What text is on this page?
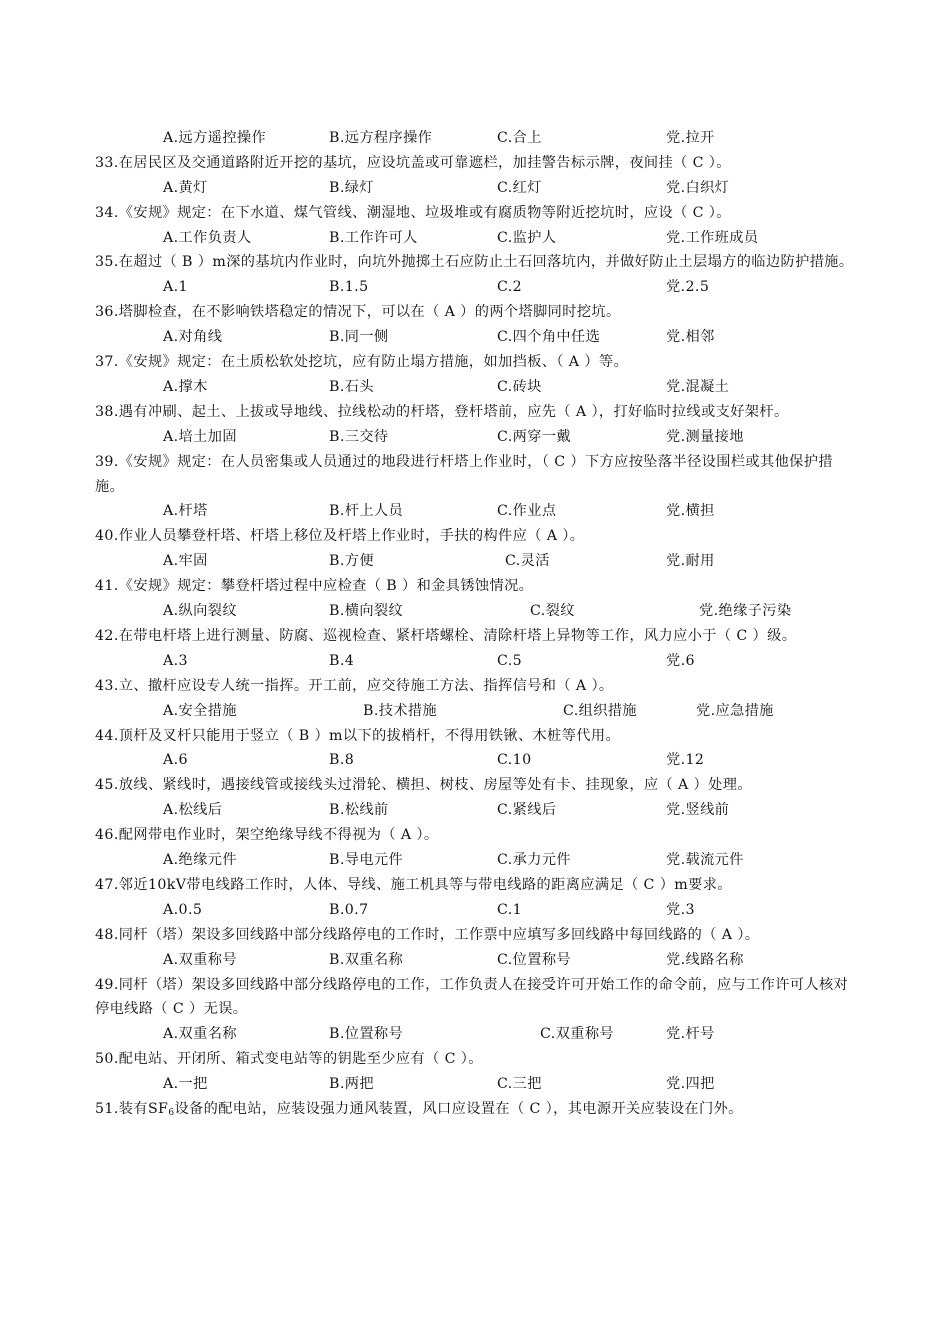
A.远方遥控操作	B.远方程序操作	C.合上	党.拉开
33.在居民区及交通道路附近开挖的基坑，应设坑盖或可靠遮栏，加挂警告标示牌，夜间挂（ C ）。
A.黄灯	B.绿灯	C.红灯	党.白织灯
34.《安规》规定：在下水道、煤气管线、潮湿地、垃圾堆或有腐质物等附近挖坑时，应设（ C ）。
A.工作负责人	B.工作许可人	C.监护人	党.工作班成员
35.在超过（ B ）m深的基坑内作业时，向坑外抛掷土石应防止土石回落坑内，并做好防止土层塌方的临边防护措施。
A.1	B.1.5	C.2	党.2.5
36.塔脚检查，在不影响铁塔稳定的情况下，可以在（ A ）的两个塔脚同时挖坑。
A.对角线	B.同一侧	C.四个角中任选	党.相邻
37.《安规》规定：在土质松软处挖坑，应有防止塌方措施，如加挡板、（ A ）等。
A.撑木	B.石头	C.砖块	党.混凝土
38.遇有冲刷、起土、上拔或导地线、拉线松动的杆塔，登杆塔前，应先（ A ），打好临时拉线或支好架杆。
A.培土加固	B.三交待	C.两穿一戴	党.测量接地
39.《安规》规定：在人员密集或人员通过的地段进行杆塔上作业时，（ C ）下方应按坠落半径设围栏或其他保护措施。
A.杆塔	B.杆上人员	C.作业点	党.横担
40.作业人员攀登杆塔、杆塔上移位及杆塔上作业时，手扶的构件应（ A ）。
A.牢固	B.方便	C.灵活	党.耐用
41.《安规》规定：攀登杆塔过程中应检查（ B ）和金具锈蚀情况。
A.纵向裂纹	B.横向裂纹	C.裂纹	党.绝缘子污染
42.在带电杆塔上进行测量、防腐、巡视检查、紧杆塔螺栓、清除杆塔上异物等工作，风力应小于（ C ）级。
A.3	B.4	C.5	党.6
43.立、撤杆应设专人统一指挥。开工前，应交待施工方法、指挥信号和（ A ）。
A.安全措施	B.技术措施	C.组织措施	党.应急措施
44.顶杆及叉杆只能用于竖立（ B ）m以下的拔梢杆，不得用铁锹、木桩等代用。
A.6	B.8	C.10	党.12
45.放线、紧线时，遇接线管或接线头过滑轮、横担、树枝、房屋等处有卡、挂现象，应（ A ）处理。
A.松线后	B.松线前	C.紧线后	党.竖线前
46.配网带电作业时，架空绝缘导线不得视为（ A ）。
A.绝缘元件	B.导电元件	C.承力元件	党.载流元件
47.邻近10kV带电线路工作时，人体、导线、施工机具等与带电线路的距离应满足（ C ）m要求。
A.0.5	B.0.7	C.1	党.3
48.同杆（塔）架设多回线路中部分线路停电的工作时，工作票中应填写多回线路中每回线路的（ A ）。
A.双重称号	B.双重名称	C.位置称号	党.线路名称
49.同杆（塔）架设多回线路中部分线路停电的工作，工作负责人在接受许可开始工作的命令前，应与工作许可人核对停电线路（ C ）无误。
A.双重名称	B.位置称号	C.双重称号	党.杆号
50.配电站、开闭所、箱式变电站等的钥匙至少应有（ C ）。
A.一把	B.两把	C.三把	党.四把
51.装有$SF_6$设备的配电站，应装设强力通风装置，风口应设置在（ C ），其电源开关应装设在门外。
